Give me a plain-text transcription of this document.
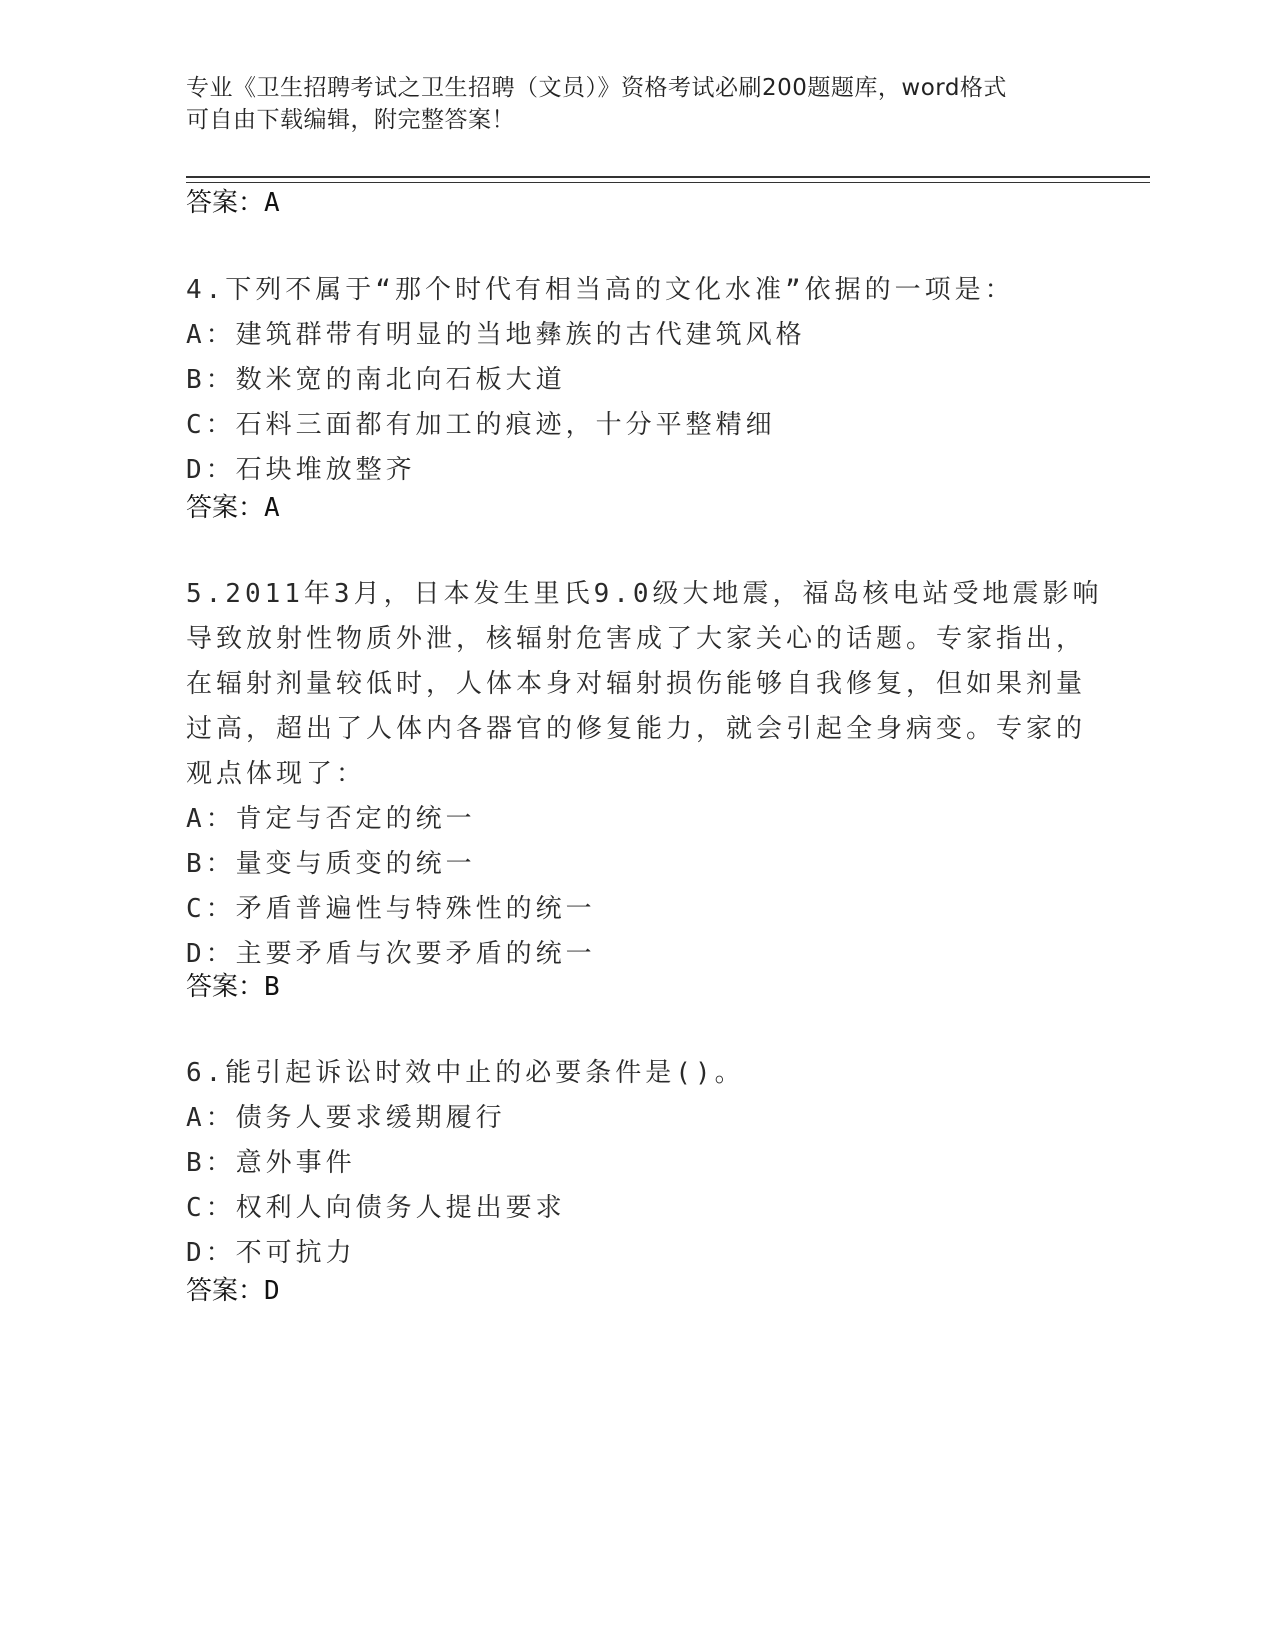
专业《卫生招聘考试之卫生招聘（文员）》资格考试必刷200题题库，word格式
可自由下载编辑，附完整答案！
答案：A
4.下列不属于“那个时代有相当高的文化水准”依据的一项是：
A：建筑群带有明显的当地彝族的古代建筑风格
B：数米宽的南北向石板大道
C：石料三面都有加工的痕迹，十分平整精细
D：石块堆放整齐
答案：A
5.2011年3月，日本发生里氏9.0级大地震，福岛核电站受地震影响
导致放射性物质外泄，核辐射危害成了大家关心的话题。专家指出，
在辐射剂量较低时，人体本身对辐射损伤能够自我修复，但如果剂量
过高，超出了人体内各器官的修复能力，就会引起全身病变。专家的
观点体现了：
A：肯定与否定的统一
B：量变与质变的统一
C：矛盾普遍性与特殊性的统一
D：主要矛盾与次要矛盾的统一
答案：B
6.能引起诉讼时效中止的必要条件是()。
A：债务人要求缓期履行
B：意外事件
C：权利人向债务人提出要求
D：不可抗力
答案：D
